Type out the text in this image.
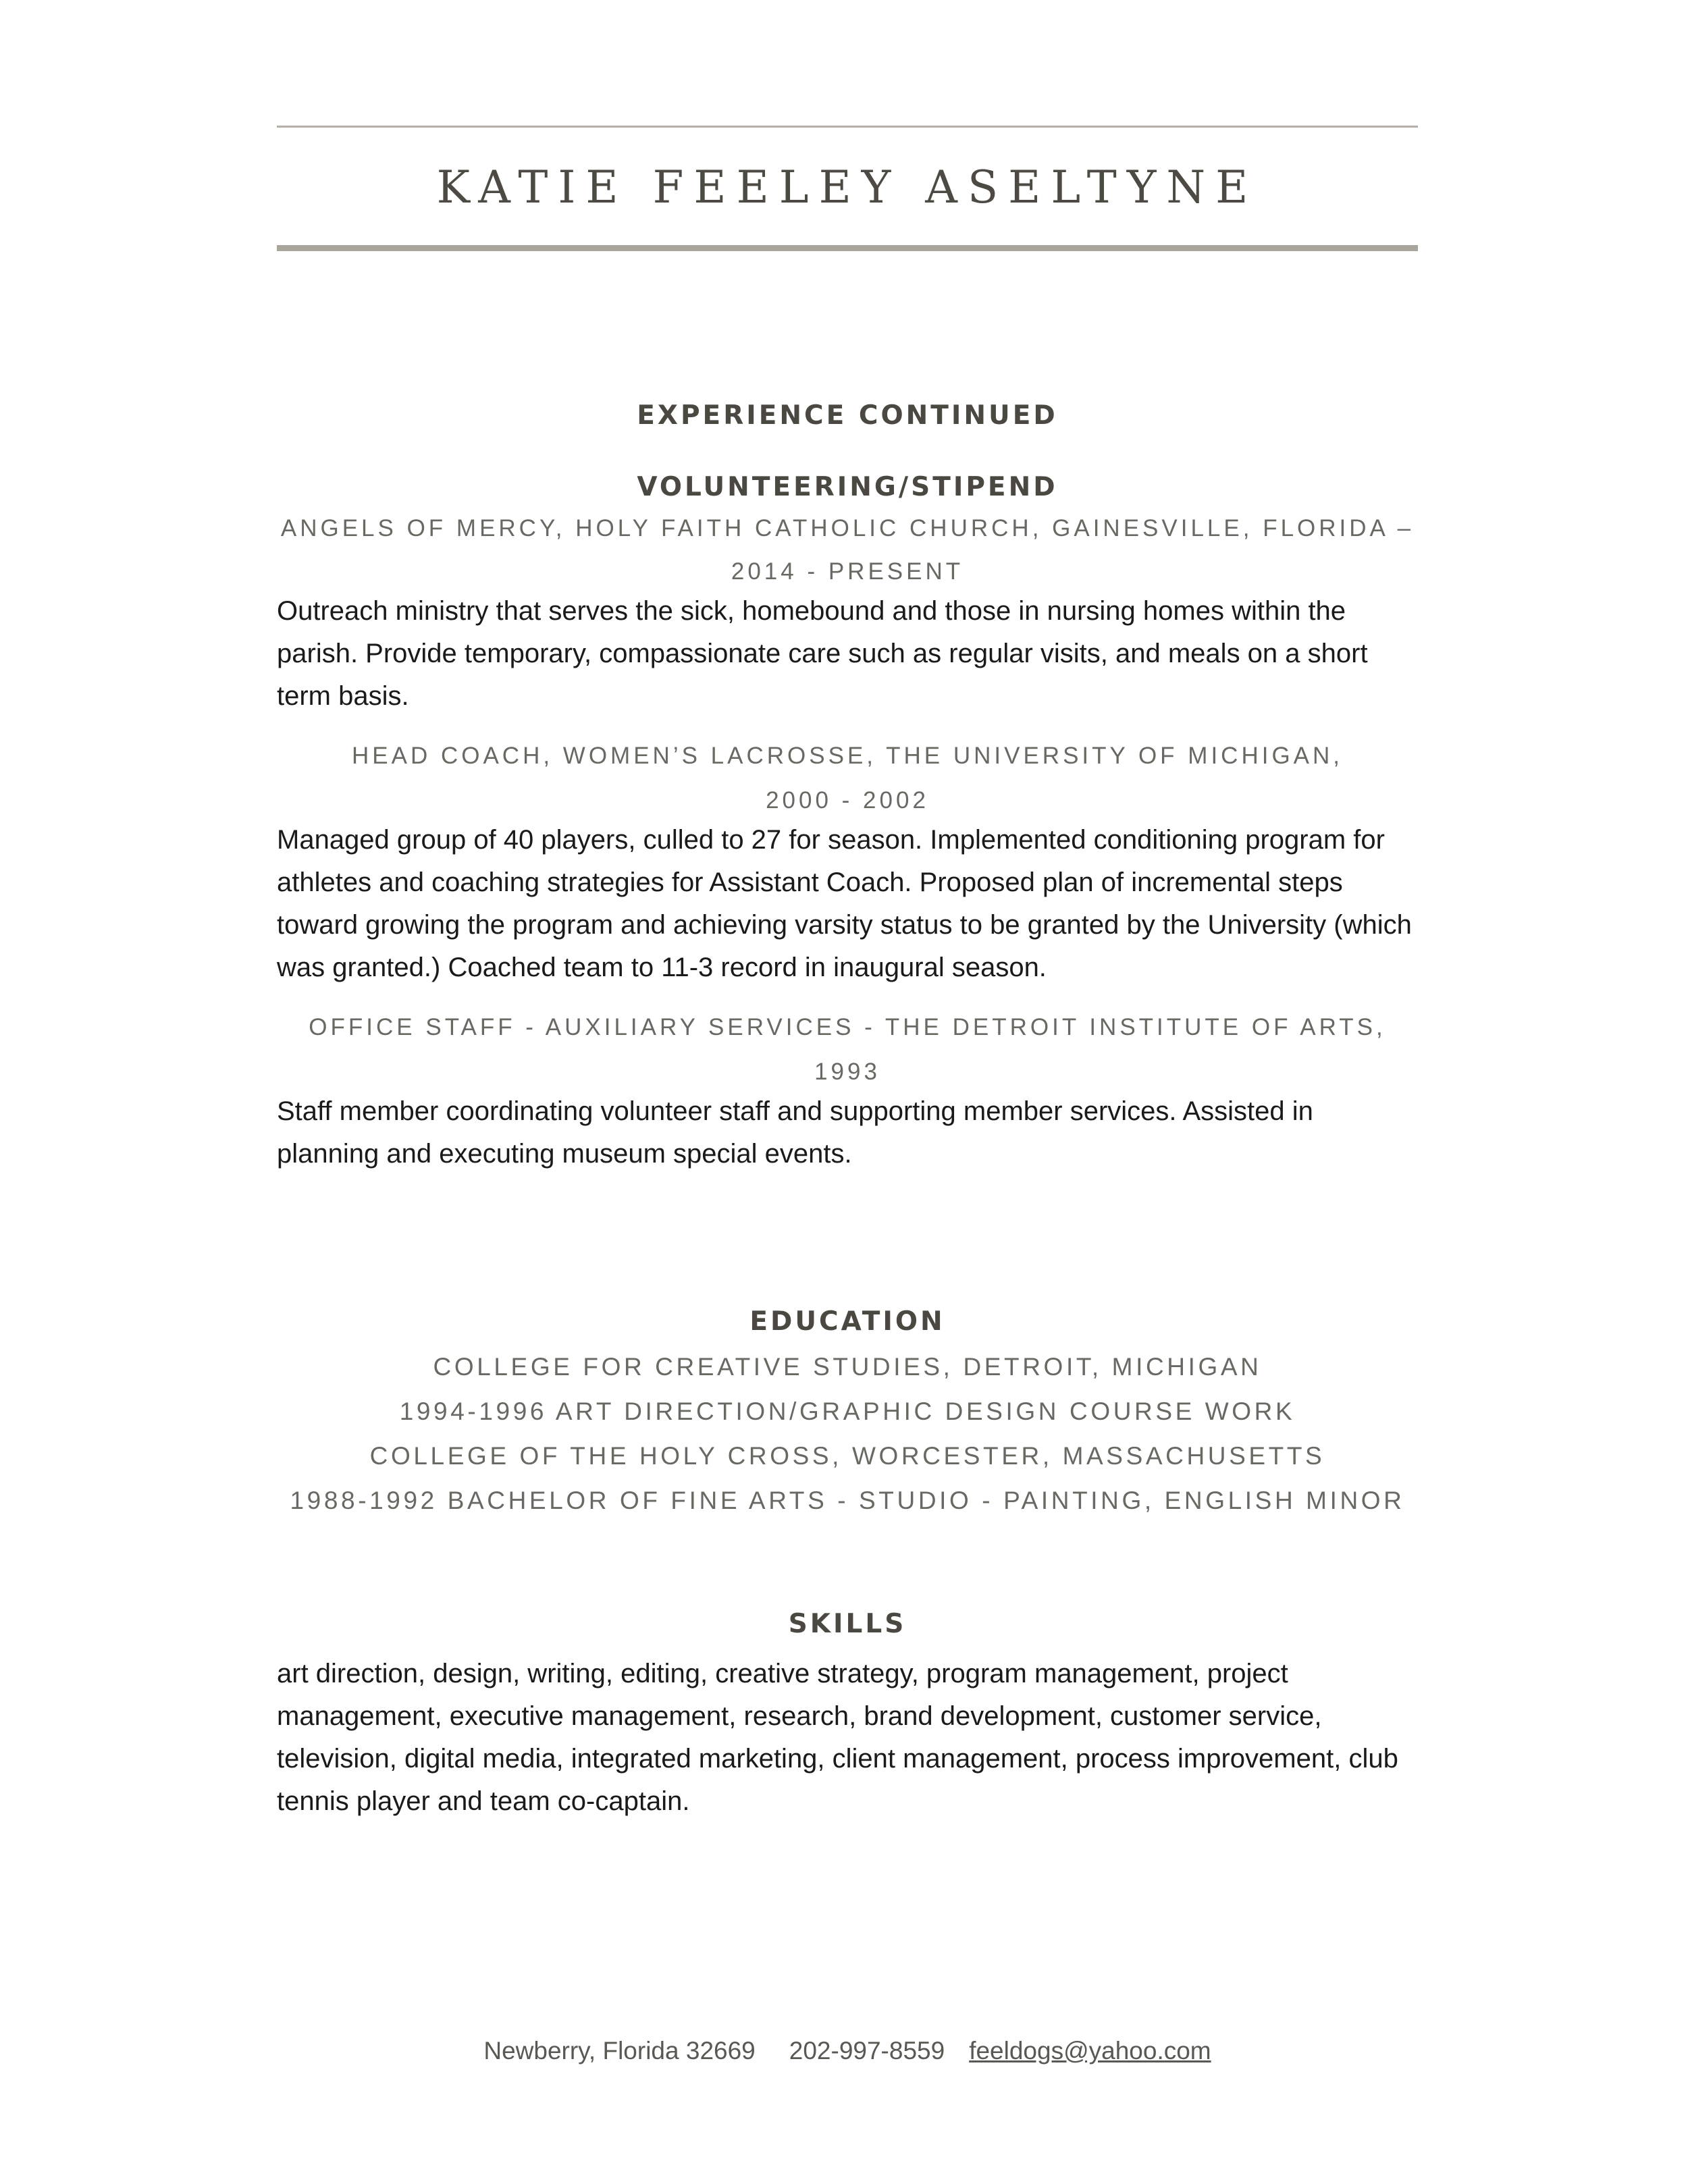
KATIE FEELEY ASELTYNE
EXPERIENCE CONTINUED
VOLUNTEERING/STIPEND

ANGELS OF MERCY, HOLY FAITH CATHOLIC CHURCH, GAINESVILLE, FLORIDA –

2014 - PRESENT

Outreach ministry that serves the sick, homebound and those in nursing homes within the parish. Provide temporary, compassionate care such as regular visits, and meals on a short term basis.

HEAD COACH, WOMEN’S LACROSSE, THE UNIVERSITY OF MICHIGAN,

2000 - 2002

Managed group of 40 players, culled to 27 for season. Implemented conditioning program for athletes and coaching strategies for Assistant Coach. Proposed plan of incremental steps toward growing the program and achieving varsity status to be granted by the University (which was granted.) Coached team to 11-3 record in inaugural season.

OFFICE STAFF - AUXILIARY SERVICES - THE DETROIT INSTITUTE OF ARTS,

1993

Staff member coordinating volunteer staff and supporting member services. Assisted in planning and executing museum special events.

EDUCATION

COLLEGE FOR CREATIVE STUDIES, DETROIT, MICHIGAN

1994-1996 ART DIRECTION/GRAPHIC DESIGN COURSE WORK

COLLEGE OF THE HOLY CROSS, WORCESTER, MASSACHUSETTS

1988-1992 BACHELOR OF FINE ARTS - STUDIO - PAINTING, ENGLISH MINOR

SKILLS

art direction, design, writing, editing, creative strategy, program management, project management, executive management, research, brand development, customer service, television, digital media, integrated marketing, client management, process improvement, club tennis player and team co-captain.

Newberry, Florida 32669 202-997-8559 feeldogs@yahoo.com
